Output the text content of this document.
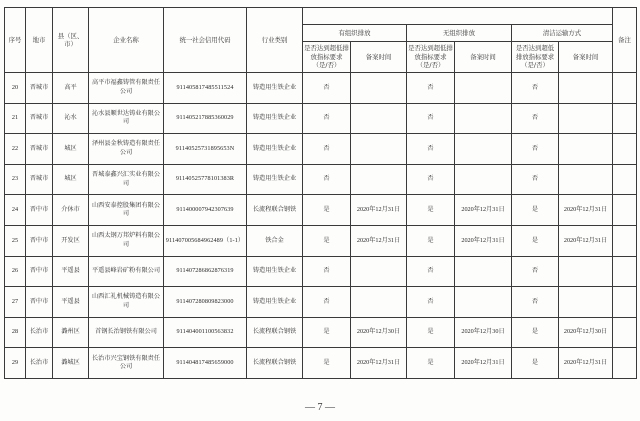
序号	地市	县（区、市）	企业名称	统一社会信用代码	行业类别							备注
						有组织排放		无组织排放		清洁运输方式		
						是否达到超低排放指标要求（是/否）	备案时间	是否达到超低排放指标要求（是/否）	备案时间	是否达到超低排放指标要求（是/否）	备案时间	
20	晋城市	高平	高平市福鑫铸管有限责任公司	91140581748551152​4	铸造用生铁企业	否		否		否		
21	晋城市	沁水	沁水县顺世达铸业有限公司	911405217885360029	铸造用生铁企业	否		否		否		
22	晋城市	城区	泽州县金秋铸造有限责任公司	91140525731895653N	铸造用生铁企业	否		否		否		
23	晋城市	城区	晋城泰鑫兴汇实业有限公司	91140525778101383R	铸造用生铁企业	否		否		否		
24	晋中市	介休市	山西安泰控股集团有限公司	911400007942307639	长流程联合钢铁	是	2020年12月31日	是	2020年12月31日	是	2020年12月31日	
25	晋中市	开发区	山西太钢万邦炉料有限公司	91140700568496248​9（1-1）	铁合金	是	2020年12月31日	是	2020年12月31日	是	2020年12月31日	
26	晋中市	平遥县	平遥县峰岩矿粉有限公司	911407286862876319	铸造用生铁企业	否		否		否		
27	晋中市	平遥县	山西汇礼机械铸造有限公司	911407280809823000	铸造用生铁企业	否		否		否		
28	长治市	潞州区	首钢长治钢铁有限公司	91140400110056383​2	长流程联合钢铁	是	2020年12月30日	是	2020年12月30日	是	2020年12月30日	
29	长治市	潞城区	长治市兴宝钢铁有限责任公司	911404817485659000	长流程联合钢铁	是	2020年12月31日	是	2020年12月31日	是	2020年12月31日	
— 7 —
